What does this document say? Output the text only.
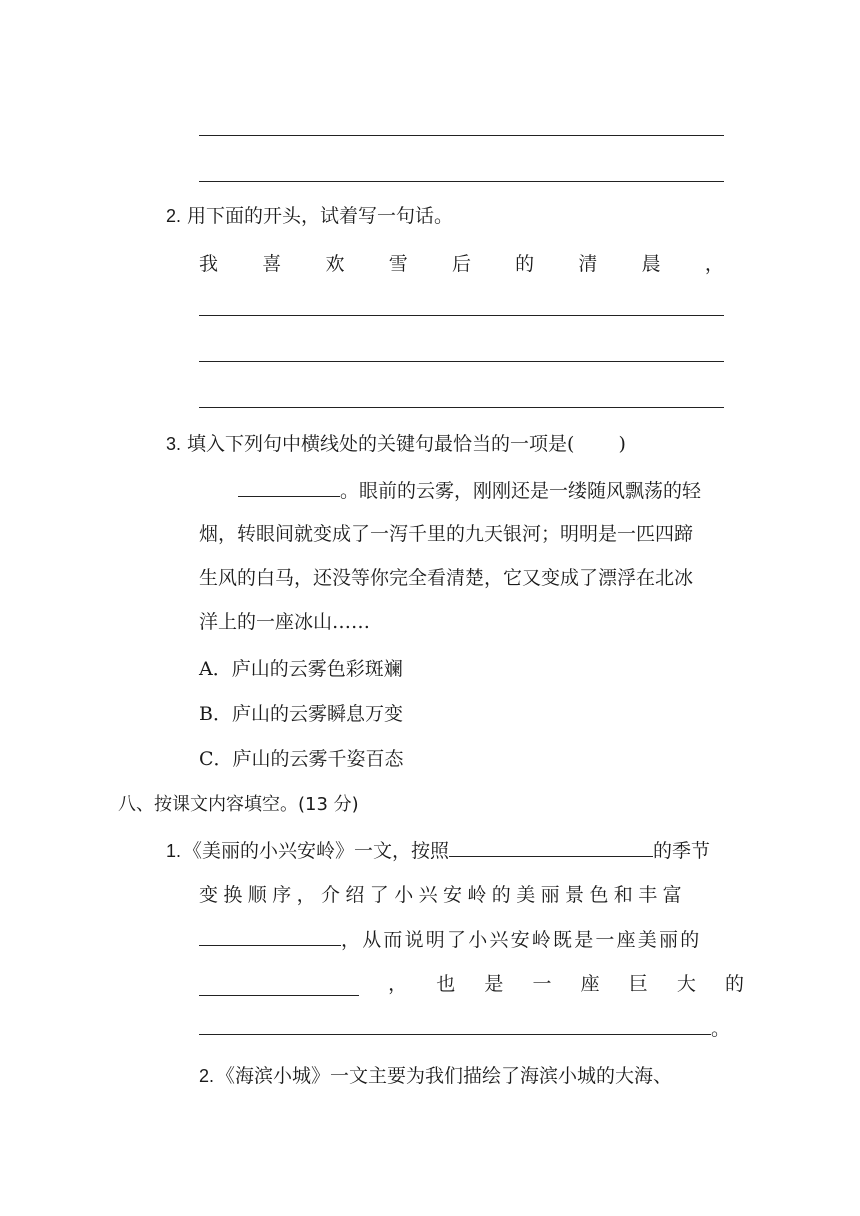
2. 用下面的开头，试着写一句话。
我 喜 欢 雪 后 的 清 晨 ，
3. 填入下列句中横线处的关键句最恰当的一项是( )
。眼前的云雾，刚刚还是一缕随风飘荡的轻
烟，转眼间就变成了一泻千里的九天银河；明明是一匹四蹄
生风的白马，还没等你完全看清楚，它又变成了漂浮在北冰
洋上的一座冰山……
A．庐山的云雾色彩斑斓
B．庐山的云雾瞬息万变
C．庐山的云雾千姿百态
八、按课文内容填空。(13 分)
1. 《美丽的小兴安岭》一文，按照	的季节
变换顺序，介绍了小兴安岭的美丽景色和丰富
，从而说明了小兴安岭既是一座美丽的
， 也 是 一 座 巨 大 的
。
2. 《海滨小城》一文主要为我们描绘了海滨小城的大海、
